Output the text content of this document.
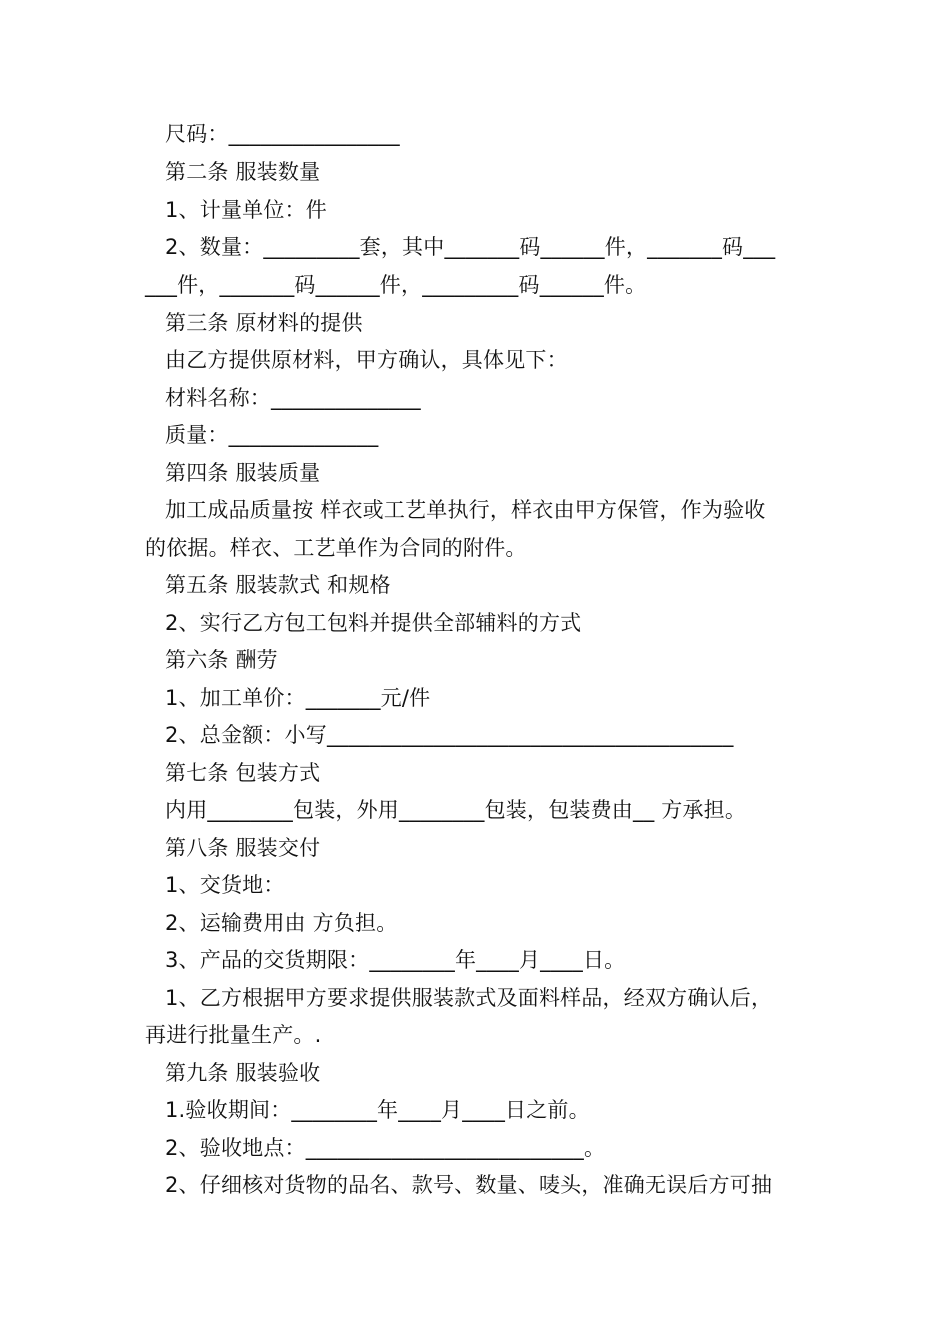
尺码：________________
第二条 服装数量
1、计量单位：件
2、数量：_________套，其中_______码______件，_______码___
___件，_______码______件，_________码______件。
第三条 原材料的提供
由乙方提供原材料，甲方确认，具体见下：
材料名称：______________
质量：______________
第四条 服装质量
加工成品质量按 样衣或工艺单执行，样衣由甲方保管，作为验收
的依据。样衣、工艺单作为合同的附件。
第五条 服装款式 和规格
2、实行乙方包工包料并提供全部辅料的方式
第六条 酬劳
1、加工单价：_______元/件
2、总金额：小写______________________________________
第七条 包装方式
内用________包装，外用________包装，包装费由__ 方承担。
第八条 服装交付
1、交货地：
2、运输费用由 方负担。
3、产品的交货期限：________年____月____日。
1、乙方根据甲方要求提供服装款式及面料样品，经双方确认后，
再进行批量生产。.
第九条 服装验收
1.验收期间：________年____月____日之前。
2、验收地点：__________________________。
2、仔细核对货物的品名、款号、数量、唛头，准确无误后方可抽
